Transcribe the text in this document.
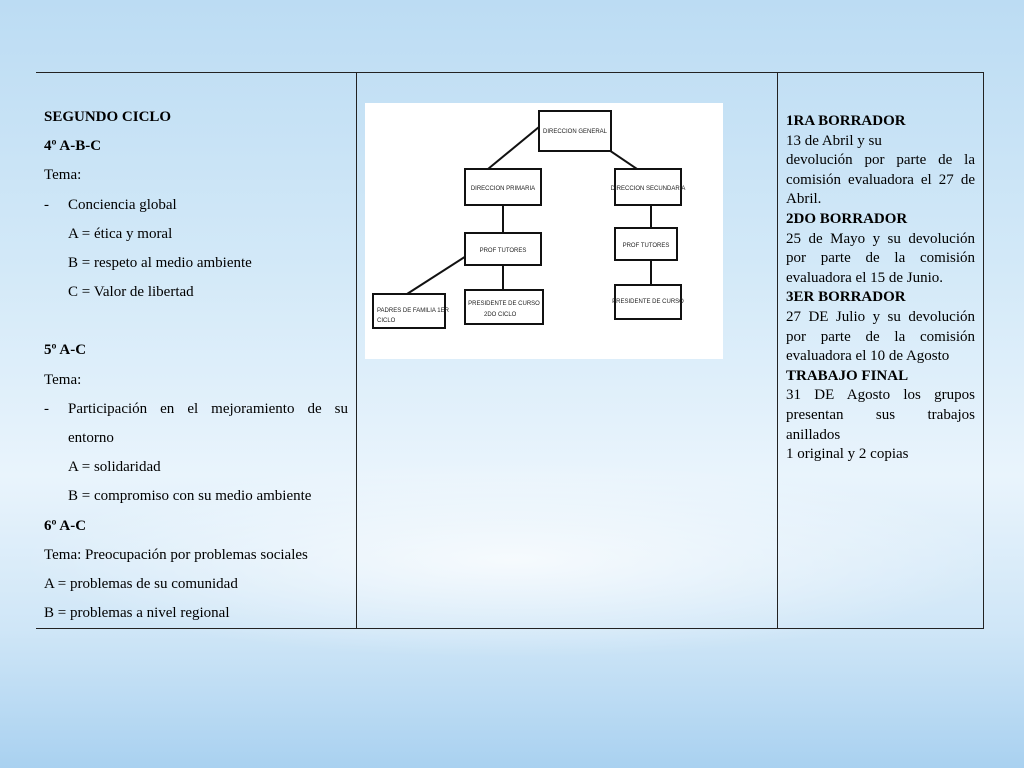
SEGUNDO CICLO
4º A-B-C
Tema:
-	Conciencia global
A = ética y moral
B = respeto al medio ambiente
C = Valor de libertad
5º A-C
Tema:
-	Participación en el mejoramiento de su
entorno
A = solidaridad
B = compromiso con su medio ambiente
6º A-C
Tema: Preocupación por problemas sociales
A = problemas de su comunidad
B = problemas a nivel regional
DIRECCION GENERAL
DIRECCION PRIMARIA	DIRECCION SECUNDARIA
PROF TUTORES
PROF TUTORES
PADRES DE FAMILIA 1ER
CICLO
PRESIDENTE DE CURSO
2DO CICLO
PRESIDENTE DE CURSO
1RA BORRADOR
13 de Abril y su
devolución por parte de la comisión evaluadora el 27 de Abril.
2DO BORRADOR
25 de Mayo y su devolución por parte de la comisión evaluadora el 15 de Junio.
3ER BORRADOR
27 DE Julio y su devolución por parte de la comisión evaluadora el 10 de Agosto
TRABAJO FINAL
31 DE Agosto los grupos presentan sus trabajos anillados
1 original y 2 copias
